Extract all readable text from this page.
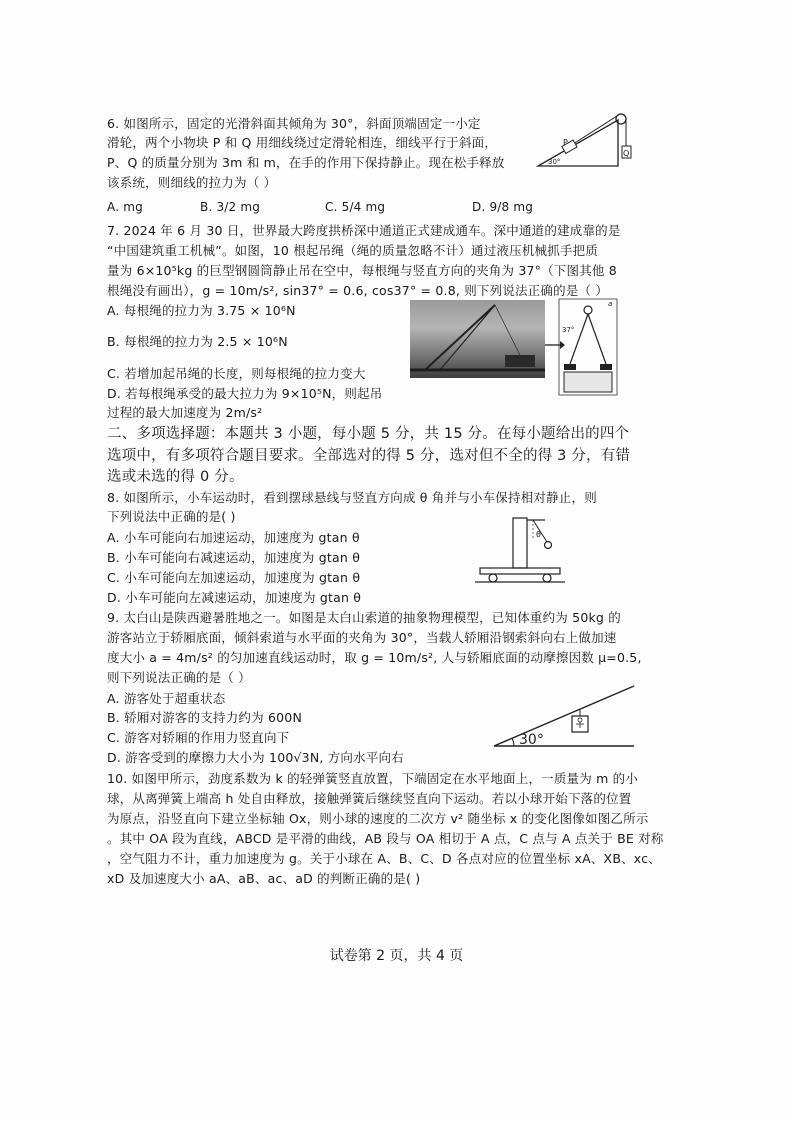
6. 如图所示，固定的光滑斜面其倾角为 30°，斜面顶端固定一小定
滑轮，两个小物块 P 和 Q 用细线绕过定滑轮相连，细线平行于斜面，
P、Q 的质量分别为 3m 和 m，在手的作用下保持静止。现在松手释放
该系统，则细线的拉力为（ ）
A. mg	B. 3/2 mg	C. 5/4 mg	D. 9/8 mg
P
Q
30°
7. 2024 年 6 月 30 日，世界最大跨度拱桥深中通道正式建成通车。深中通道的建成靠的是
“中国建筑重工机械”。如图，10 根起吊绳（绳的质量忽略不计）通过液压机械抓手把质
量为 6×10⁵kg 的巨型钢圆筒静止吊在空中，每根绳与竖直方向的夹角为 37°（下图其他 8
根绳没有画出），g = 10m/s², sin37° = 0.6, cos37° = 0.8, 则下列说法正确的是（ ）
A. 每根绳的拉力为 3.75 × 10⁶N
B. 每根绳的拉力为 2.5 × 10⁶N
C. 若增加起吊绳的长度，则每根绳的拉力变大
D. 若每根绳承受的最大拉力为 9×10⁵N，则起吊
过程的最大加速度为 2m/s²
37°
a
二、多项选择题：本题共 3 小题，每小题 5 分，共 15 分。在每小题给出的四个
选项中，有多项符合题目要求。全部选对的得 5 分，选对但不全的得 3 分，有错
选或未选的得 0 分。
8. 如图所示，小车运动时，看到摆球悬线与竖直方向成 θ 角并与小车保持相对静止，则
下列说法中正确的是( )
A. 小车可能向右加速运动，加速度为 gtan θ
B. 小车可能向右减速运动，加速度为 gtan θ
C. 小车可能向左加速运动，加速度为 gtan θ
D. 小车可能向左减速运动，加速度为 gtan θ
θ
9. 太白山是陕西避暑胜地之一。如图是太白山索道的抽象物理模型，已知体重约为 50kg 的
游客站立于轿厢底面，倾斜索道与水平面的夹角为 30°，当载人轿厢沿钢索斜向右上做加速
度大小 a = 4m/s² 的匀加速直线运动时，取 g = 10m/s², 人与轿厢底面的动摩擦因数 μ=0.5,
则下列说法正确的是（ ）
A. 游客处于超重状态
B. 轿厢对游客的支持力约为 600N
C. 游客对轿厢的作用力竖直向下
D. 游客受到的摩擦力大小为 100√3N, 方向水平向右
30°
10. 如图甲所示，劲度系数为 k 的轻弹簧竖直放置，下端固定在水平地面上，一质量为 m 的小
球，从离弹簧上端高 h 处自由释放，接触弹簧后继续竖直向下运动。若以小球开始下落的位置
为原点，沿竖直向下建立坐标轴 Ox，则小球的速度的二次方 v² 随坐标 x 的变化图像如图乙所示
。其中 OA 段为直线，ABCD 是平滑的曲线，AB 段与 OA 相切于 A 点，C 点与 A 点关于 BE 对称
，空气阻力不计，重力加速度为 g。关于小球在 A、B、C、D 各点对应的位置坐标 xA、XB、xc、
xD 及加速度大小 aA、aB、ac、aD 的判断正确的是( )
试卷第 2 页，共 4 页
